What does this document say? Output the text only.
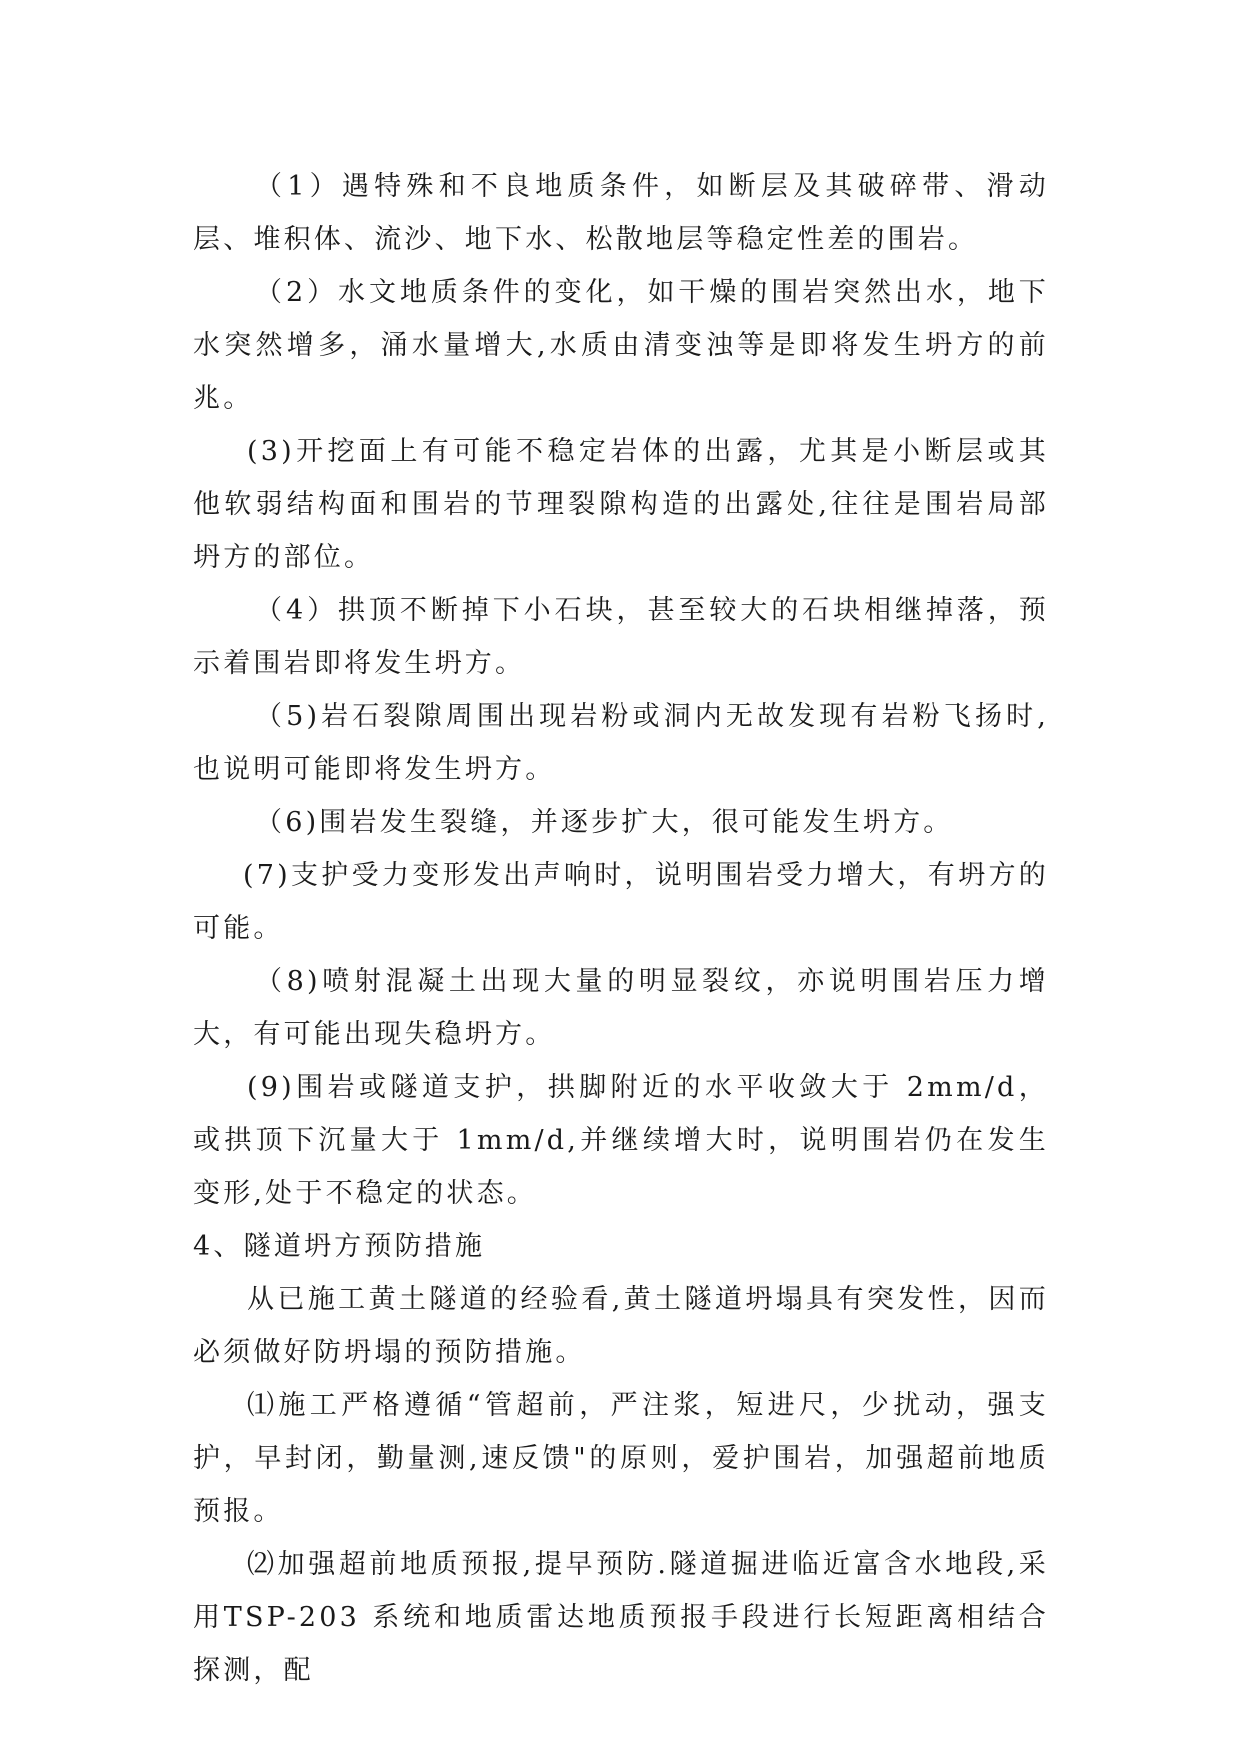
（1）遇特殊和不良地质条件，如断层及其破碎带、滑动层、堆积体、流沙、地下水、松散地层等稳定性差的围岩。

（2）水文地质条件的变化，如干燥的围岩突然出水，地下水突然增多，涌水量增大,水质由清变浊等是即将发生坍方的前兆。

(3)开挖面上有可能不稳定岩体的出露，尤其是小断层或其他软弱结构面和围岩的节理裂隙构造的出露处,往往是围岩局部坍方的部位。

（4）拱顶不断掉下小石块，甚至较大的石块相继掉落，预示着围岩即将发生坍方。

（5)岩石裂隙周围出现岩粉或洞内无故发现有岩粉飞扬时,也说明可能即将发生坍方。

（6)围岩发生裂缝，并逐步扩大，很可能发生坍方。

(7)支护受力变形发出声响时，说明围岩受力增大，有坍方的可能。

（8)喷射混凝土出现大量的明显裂纹，亦说明围岩压力增大，有可能出现失稳坍方。

(9)围岩或隧道支护，拱脚附近的水平收敛大于 2mm/d，或拱顶下沉量大于 1mm/d,并继续增大时，说明围岩仍在发生变形,处于不稳定的状态。

4、隧道坍方预防措施

从已施工黄土隧道的经验看,黄土隧道坍塌具有突发性，因而必须做好防坍塌的预防措施。

⑴施工严格遵循“管超前，严注浆，短进尺，少扰动，强支护，早封闭，勤量测,速反馈"的原则，爱护围岩，加强超前地质预报。

⑵加强超前地质预报,提早预防.隧道掘进临近富含水地段,采用TSP-203 系统和地质雷达地质预报手段进行长短距离相结合探测，配
